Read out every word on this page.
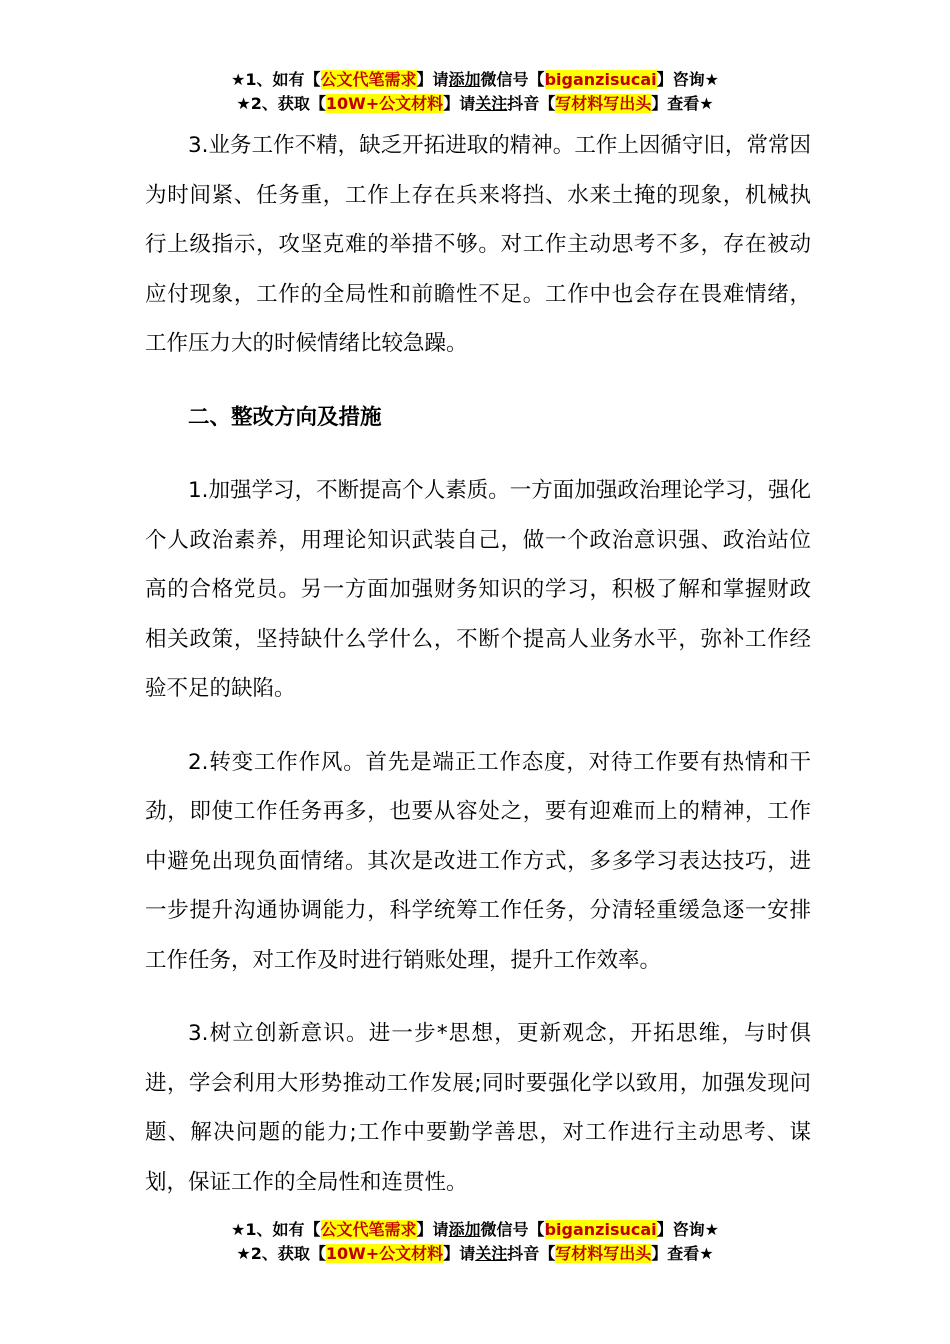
★1、如有【公文代笔需求】请添加微信号【biganzisucai】咨询★
★2、获取【10W+公文材料】请关注抖音【写材料写出头】查看★

3.业务工作不精，缺乏开拓进取的精神。工作上因循守旧，常常因为时间紧、任务重，工作上存在兵来将挡、水来土掩的现象，机械执行上级指示，攻坚克难的举措不够。对工作主动思考不多，存在被动应付现象，工作的全局性和前瞻性不足。工作中也会存在畏难情绪，工作压力大的时候情绪比较急躁。

二、整改方向及措施

1.加强学习，不断提高个人素质。一方面加强政治理论学习，强化个人政治素养，用理论知识武装自己，做一个政治意识强、政治站位高的合格党员。另一方面加强财务知识的学习，积极了解和掌握财政相关政策，坚持缺什么学什么，不断个提高人业务水平，弥补工作经验不足的缺陷。

2.转变工作作风。首先是端正工作态度，对待工作要有热情和干劲，即使工作任务再多，也要从容处之，要有迎难而上的精神，工作中避免出现负面情绪。其次是改进工作方式，多多学习表达技巧，进一步提升沟通协调能力，科学统筹工作任务，分清轻重缓急逐一安排工作任务，对工作及时进行销账处理，提升工作效率。

3.树立创新意识。进一步*思想，更新观念，开拓思维，与时俱进，学会利用大形势推动工作发展;同时要强化学以致用，加强发现问题、解决问题的能力;工作中要勤学善思，对工作进行主动思考、谋划，保证工作的全局性和连贯性。

★1、如有【公文代笔需求】请添加微信号【biganzisucai】咨询★
★2、获取【10W+公文材料】请关注抖音【写材料写出头】查看★
